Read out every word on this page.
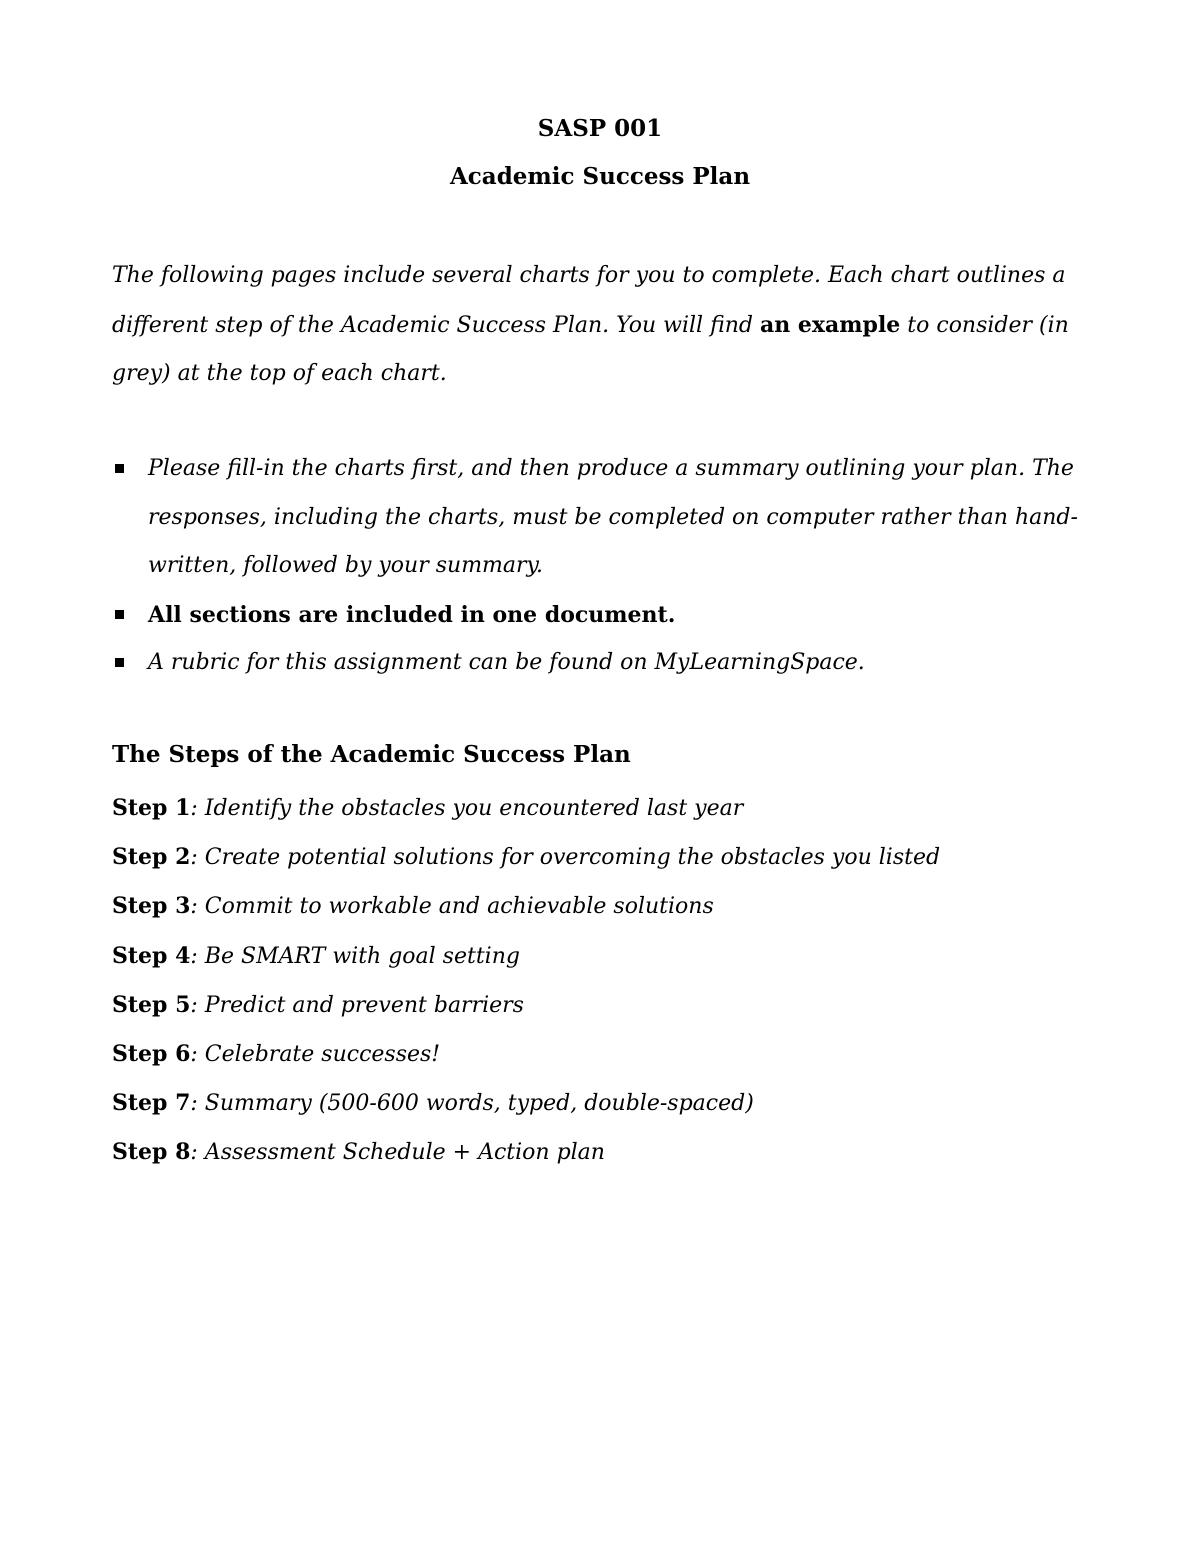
SASP 001
Academic Success Plan

The following pages include several charts for you to complete. Each chart outlines a different step of the Academic Success Plan. You will find an example to consider (in grey) at the top of each chart.

Please fill-in the charts first, and then produce a summary outlining your plan. The responses, including the charts, must be completed on computer rather than hand-written, followed by your summary.
All sections are included in one document.
A rubric for this assignment can be found on MyLearningSpace.
The Steps of the Academic Success Plan
Step 1: Identify the obstacles you encountered last year
Step 2: Create potential solutions for overcoming the obstacles you listed
Step 3: Commit to workable and achievable solutions
Step 4: Be SMART with goal setting
Step 5: Predict and prevent barriers
Step 6: Celebrate successes!
Step 7: Summary (500-600 words, typed, double-spaced)
Step 8: Assessment Schedule + Action plan
